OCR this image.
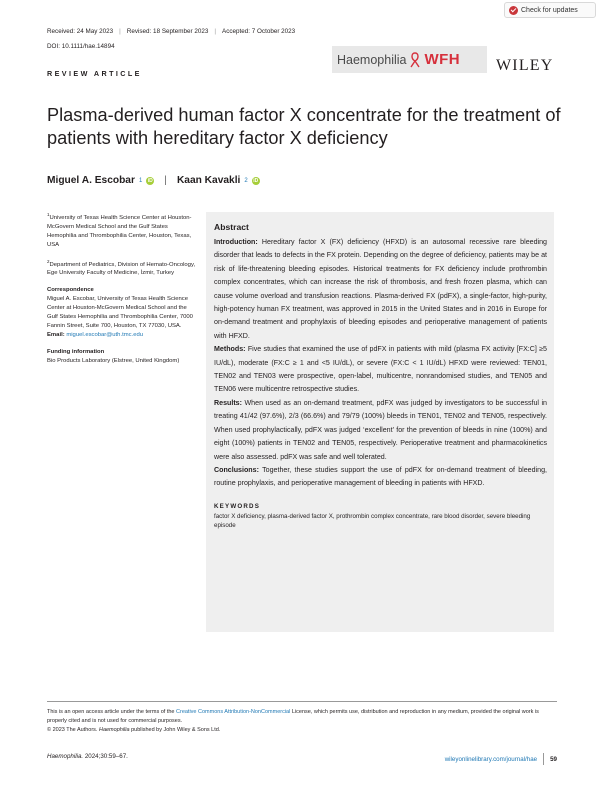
Check for updates
Received: 24 May 2023 | Revised: 18 September 2023 | Accepted: 7 October 2023
DOI: 10.1111/hae.14894
REVIEW ARTICLE
Haemophilia WFH WILEY
Plasma-derived human factor X concentrate for the treatment of patients with hereditary factor X deficiency
Miguel A. Escobar 1	iD | Kaan Kavakli 2	iD
$^1$University of Texas Health Science Center at Houston-McGovern Medical School and the Gulf States Hemophilia and Thrombophilia Center, Houston, Texas, USA
$^2$Department of Pediatrics, Division of Hemato-Oncology, Ege University Faculty of Medicine, İzmir, Turkey
Correspondence
Miguel A. Escobar, University of Texas Health Science Center at Houston-McGovern Medical School and the Gulf States Hemophilia and Thrombophilia Center, 7000 Fannin Street, Suite 700, Houston, TX 77030, USA.
Email: miguel.escobar@uth.tmc.edu
Funding information
Bio Products Laboratory (Elstree, United Kingdom)
Abstract

Introduction: Hereditary factor X (FX) deficiency (HFXD) is an autosomal recessive rare bleeding disorder that leads to defects in the FX protein. Depending on the degree of deficiency, patients may be at risk of life-threatening bleeding episodes. Historical treatments for FX deficiency include prothrombin complex concentrates, which can increase the risk of thrombosis, and fresh frozen plasma, which can cause volume overload and transfusion reactions. Plasma-derived FX (pdFX), a single-factor, high-purity, high-potency human FX treatment, was approved in 2015 in the United States and in 2016 in Europe for on-demand treatment and prophylaxis of bleeding episodes and perioperative management of patients with HFXD.

Methods: Five studies that examined the use of pdFX in patients with mild (plasma FX activity [FX:C] ≥5 IU/dL), moderate (FX:C ≥ 1 and <5 IU/dL), or severe (FX:C < 1 IU/dL) HFXD were reviewed: TEN01, TEN02 and TEN03 were prospective, open-label, multicentre, nonrandomised studies, and TEN05 and TEN06 were multicentre retrospective studies.

Results: When used as an on-demand treatment, pdFX was judged by investigators to be successful in treating 41/42 (97.6%), 2/3 (66.6%) and 79/79 (100%) bleeds in TEN01, TEN02 and TEN05, respectively. When used prophylactically, pdFX was judged ‘excellent’ for the prevention of bleeds in nine (100%) and eight (100%) patients in TEN02 and TEN05, respectively. Perioperative treatment and pharmacokinetics were also assessed. pdFX was safe and well tolerated.

Conclusions: Together, these studies support the use of pdFX for on-demand treatment of bleeding, routine prophylaxis, and perioperative management of bleeding in patients with HFXD.

KEYWORDS
factor X deficiency, plasma-derived factor X, prothrombin complex concentrate, rare blood disorder, severe bleeding episode
This is an open access article under the terms of the Creative Commons Attribution-NonCommercial License, which permits use, distribution and reproduction in any medium, provided the original work is properly cited and is not used for commercial purposes.
© 2023 The Authors. Haemophilia published by John Wiley & Sons Ltd.
Haemophilia. 2024;30:59–67.	wileyonlinelibrary.com/journal/hae 59
